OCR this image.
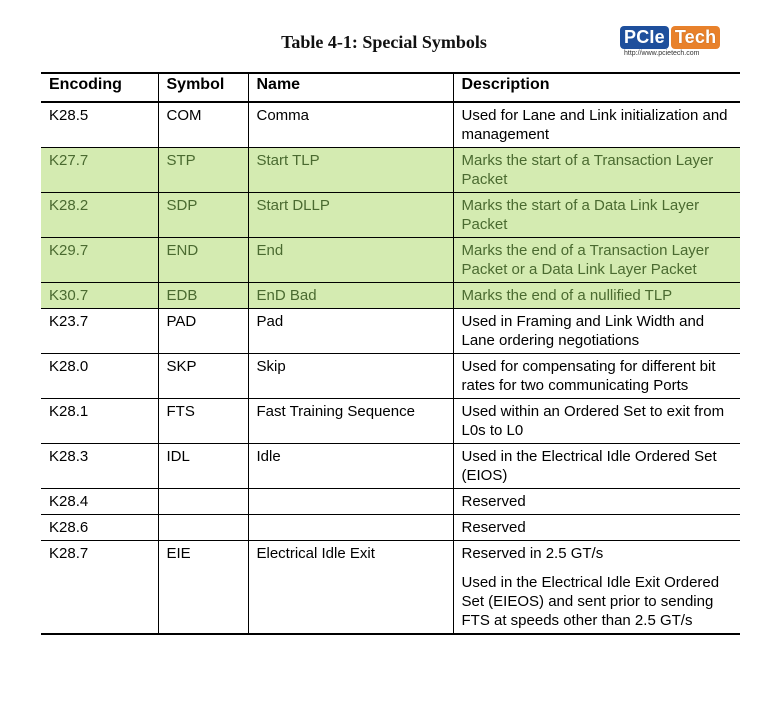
Table 4-1: Special Symbols	PCIe Tech
http://www.pcietech.com
Encoding	Symbol	Name	Description
K28.5	COM	Comma	Used for Lane and Link initialization and management

K27.7	STP	Start TLP	Marks the start of a Transaction Layer Packet

K28.2	SDP	Start DLLP	Marks the start of a Data Link Layer Packet

K29.7	END	End	Marks the end of a Transaction Layer Packet or a Data Link Layer Packet

K30.7	EDB	EnD Bad	Marks the end of a nullified TLP

K23.7	PAD	Pad	Used in Framing and Link Width and Lane ordering negotiations

K28.0	SKP	Skip	Used for compensating for different bit rates for two communicating Ports

K28.1	FTS	Fast Training Sequence	Used within an Ordered Set to exit from L0s to L0

K28.3	IDL	Idle	Used in the Electrical Idle Ordered Set (EIOS)

K28.4			Reserved

K28.6			Reserved

K28.7	EIE	Electrical Idle Exit	Reserved in 2.5 GT/s
Used in the Electrical Idle Exit Ordered Set (EIEOS) and sent prior to sending FTS at speeds other than 2.5 GT/s
